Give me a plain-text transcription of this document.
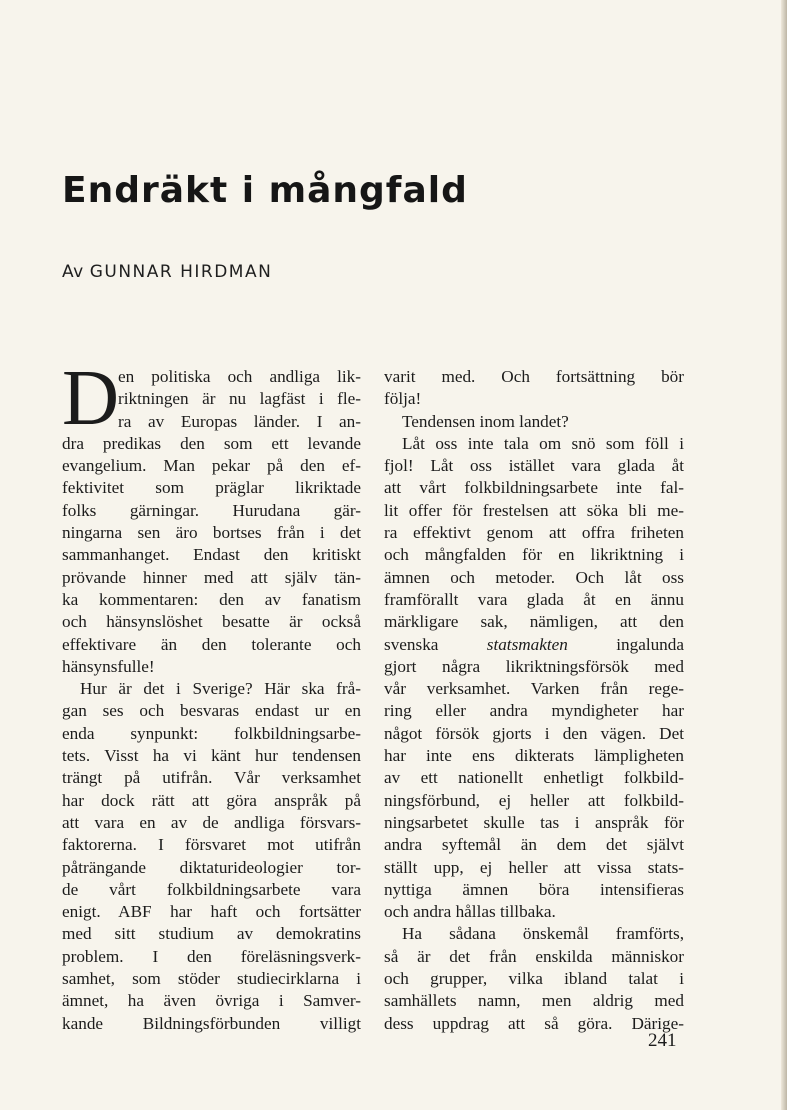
Endräkt i mångfald
Av GUNNAR HIRDMAN
D
en politiska och andliga lik-
riktningen är nu lagfäst i fle-
ra av Europas länder. I an-
dra predikas den som ett levande
evangelium. Man pekar på den ef-
fektivitet som präglar likriktade
folks gärningar. Hurudana gär-
ningarna sen äro bortses från i det
sammanhanget. Endast den kritiskt
prövande hinner med att själv tän-
ka kommentaren: den av fanatism
och hänsynslöshet besatte är också
effektivare än den tolerante och
hänsynsfulle!
Hur är det i Sverige? Här ska frå-
gan ses och besvaras endast ur en
enda synpunkt: folkbildningsarbe-
tets. Visst ha vi känt hur tendensen
trängt på utifrån. Vår verksamhet
har dock rätt att göra anspråk på
att vara en av de andliga försvars-
faktorerna. I försvaret mot utifrån
påträngande diktaturideologier tor-
de vårt folkbildningsarbete vara
enigt. ABF har haft och fortsätter
med sitt studium av demokratins
problem. I den föreläsningsverk-
samhet, som stöder studiecirklarna i
ämnet, ha även övriga i Samver-
kande Bildningsförbunden villigt
varit med. Och fortsättning bör
följa!
Tendensen inom landet?
Låt oss inte tala om snö som föll i
fjol! Låt oss istället vara glada åt
att vårt folkbildningsarbete inte fal-
lit offer för frestelsen att söka bli me-
ra effektivt genom att offra friheten
och mångfalden för en likriktning i
ämnen och metoder. Och låt oss
framförallt vara glada åt en ännu
märkligare sak, nämligen, att den
svenska statsmakten ingalunda
gjort några likriktningsförsök med
vår verksamhet. Varken från rege-
ring eller andra myndigheter har
något försök gjorts i den vägen. Det
har inte ens dikterats lämpligheten
av ett nationellt enhetligt folkbild-
ningsförbund, ej heller att folkbild-
ningsarbetet skulle tas i anspråk för
andra syftemål än dem det självt
ställt upp, ej heller att vissa stats-
nyttiga ämnen böra intensifieras
och andra hållas tillbaka.
Ha sådana önskemål framförts,
så är det från enskilda människor
och grupper, vilka ibland talat i
samhällets namn, men aldrig med
dess uppdrag att så göra. Därige-
241
